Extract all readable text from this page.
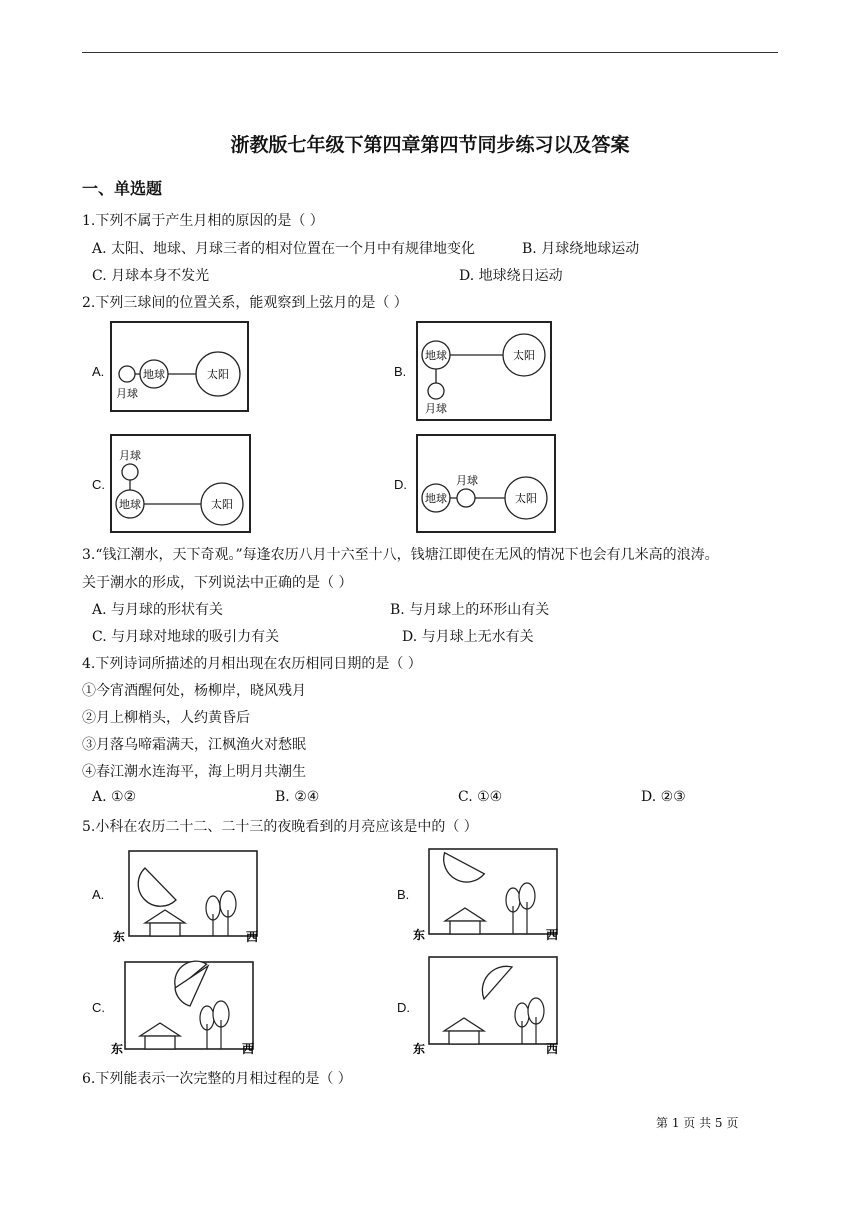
浙教版七年级下第四章第四节同步练习以及答案
一、单选题
1.下列不属于产生月相的原因的是（ ）
A. 太阳、地球、月球三者的相对位置在一个月中有规律地变化	B. 月球绕地球运动
C. 月球本身不发光	D. 地球绕日运动
2.下列三球间的位置关系，能观察到上弦月的是（ ）
A.	地球	太阳
月球
B.
地球	太阳
月球
C.
月球
地球	太阳
D.
地球
月球
太阳
3.“钱江潮水，天下奇观。”每逢农历八月十六至十八，钱塘江即使在无风的情况下也会有几米高的浪涛。
关于潮水的形成，下列说法中正确的是（ ）
A. 与月球的形状有关	B. 与月球上的环形山有关
C. 与月球对地球的吸引力有关	D. 与月球上无水有关
4.下列诗词所描述的月相出现在农历相同日期的是（ ）
①今宵酒醒何处，杨柳岸，晓风残月
②月上柳梢头，人约黄昏后
③月落乌啼霜满天，江枫渔火对愁眠
④春江潮水连海平，海上明月共潮生
A. ①②	B. ②④	C. ①④	D. ②③
5.小科在农历二十二、二十三的夜晚看到的月亮应该是中的（ ）
A.
东	西
B.
东	西
C.
东	西
D.
东	西
6.下列能表示一次完整的月相过程的是（ ）
第 1 页 共 5 页
